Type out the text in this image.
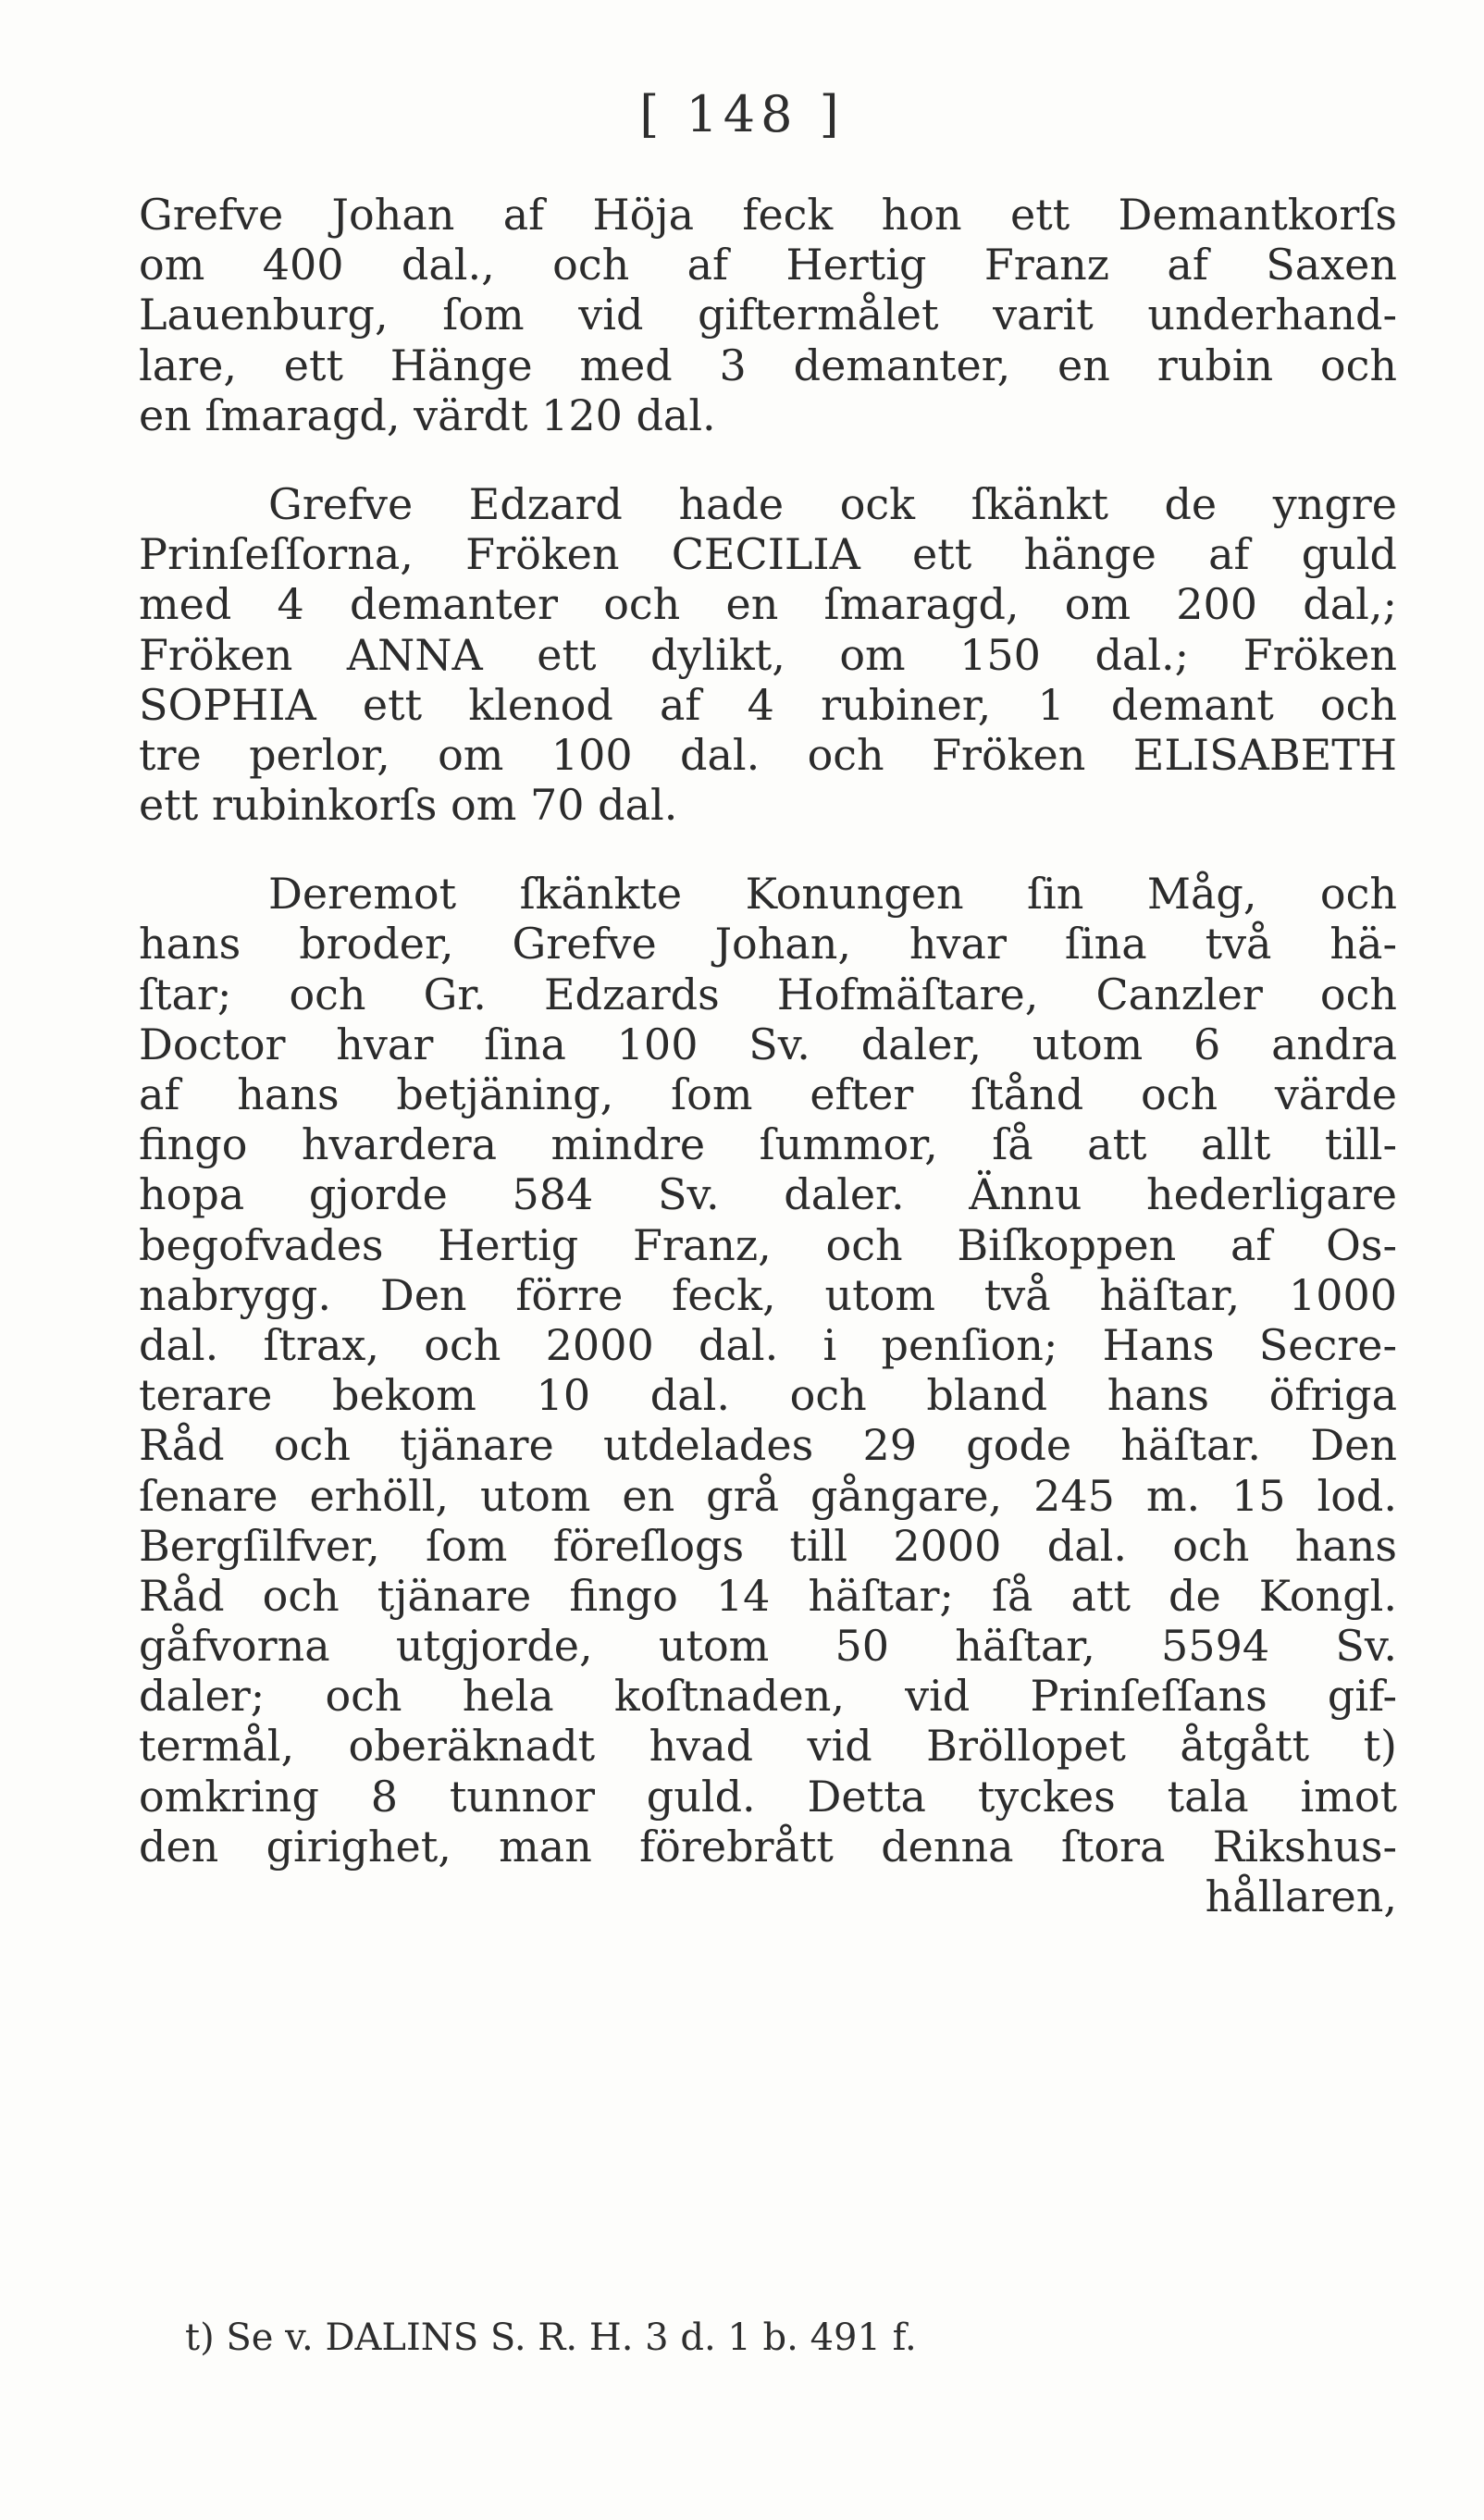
[ 148 ]
Grefve Johan af Höja feck hon ett Demantkorſs
om 400 dal., och af Hertig Franz af Saxen
Lauenburg, ſom vid giftermålet varit underhand-
lare, ett Hänge med 3 demanter, en rubin och
en ſmaragd, värdt 120 dal.
Grefve Edzard hade ock ſkänkt de yngre
Prinſeſſorna, Fröken CECILIA ett hänge af guld
med 4 demanter och en ſmaragd, om 200 dal,;
Fröken ANNA ett dylikt, om 150 dal.; Fröken
SOPHIA ett klenod af 4 rubiner, 1 demant och
tre perlor, om 100 dal. och Fröken ELISABETH
ett rubinkorſs om 70 dal.
Deremot ſkänkte Konungen ſin Måg, och
hans broder, Grefve Johan, hvar ſina två hä-
ſtar; och Gr. Edzards Hofmäſtare, Canzler och
Doctor hvar ſina 100 Sv. daler, utom 6 andra
af hans betjäning, ſom efter ſtånd och värde
fingo hvardera mindre ſummor, ſå att allt till-
hopa gjorde 584 Sv. daler. Ännu hederligare
begofvades Hertig Franz, och Biſkoppen af Os-
nabrygg. Den förre feck, utom två häſtar, 1000
dal. ſtrax, och 2000 dal. i penſion; Hans Secre-
terare bekom 10 dal. och bland hans öfriga
Råd och tjänare utdelades 29 gode häſtar. Den
ſenare erhöll, utom en grå gångare, 245 m. 15 lod.
Bergſilfver, ſom föreſlogs till 2000 dal. och hans
Råd och tjänare fingo 14 häſtar; ſå att de Kongl.
gåfvorna utgjorde, utom 50 häſtar, 5594 Sv.
daler; och hela koſtnaden, vid Prinſeſſans gif-
termål, oberäknadt hvad vid Bröllopet åtgått t)
omkring 8 tunnor guld. Detta tyckes tala imot
den girighet, man förebrått denna ſtora Rikshus-
hållaren,
t) Se v. DALINS S. R. H. 3 d. 1 b. 491 f.
